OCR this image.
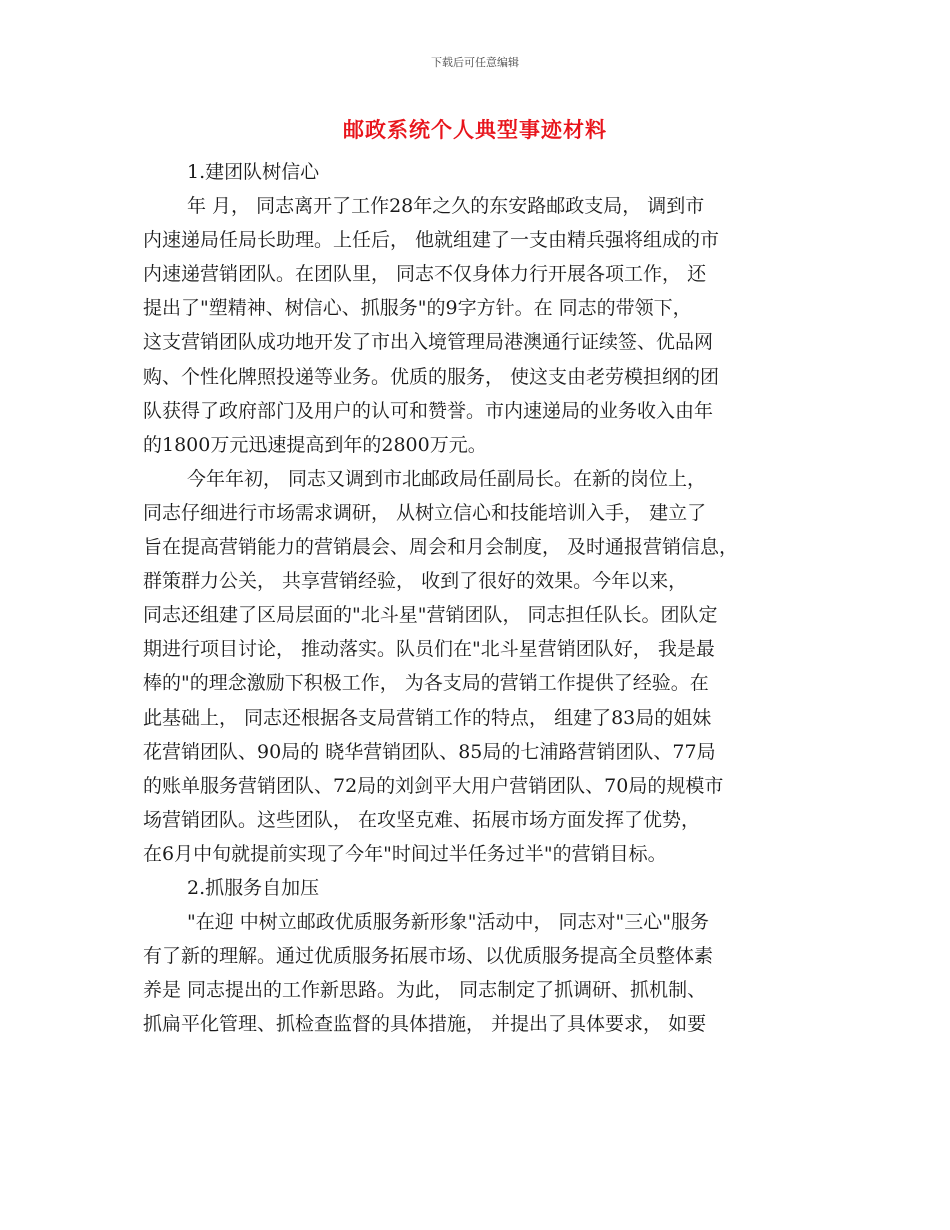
下载后可任意编辑
邮政系统个人典型事迹材料
1.建团队树信心
年 月， 同志离开了工作28年之久的东安路邮政支局， 调到市
内速递局任局长助理。上任后， 他就组建了一支由精兵强将组成的市
内速递营销团队。在团队里， 同志不仅身体力行开展各项工作， 还
提出了"塑精神、树信心、抓服务"的9字方针。在 同志的带领下，
这支营销团队成功地开发了市出入境管理局港澳通行证续签、优品网
购、个性化牌照投递等业务。优质的服务， 使这支由老劳模担纲的团
队获得了政府部门及用户的认可和赞誉。市内速递局的业务收入由年
的1800万元迅速提高到年的2800万元。
今年年初， 同志又调到市北邮政局任副局长。在新的岗位上，
同志仔细进行市场需求调研， 从树立信心和技能培训入手， 建立了
旨在提高营销能力的营销晨会、周会和月会制度， 及时通报营销信息，
群策群力公关， 共享营销经验， 收到了很好的效果。今年以来，
同志还组建了区局层面的"北斗星"营销团队， 同志担任队长。团队定
期进行项目讨论， 推动落实。队员们在"北斗星营销团队好， 我是最
棒的"的理念激励下积极工作， 为各支局的营销工作提供了经验。在
此基础上， 同志还根据各支局营销工作的特点， 组建了83局的姐妹
花营销团队、90局的 晓华营销团队、85局的七浦路营销团队、77局
的账单服务营销团队、72局的刘剑平大用户营销团队、70局的规模市
场营销团队。这些团队， 在攻坚克难、拓展市场方面发挥了优势，
在6月中旬就提前实现了今年"时间过半任务过半"的营销目标。
2.抓服务自加压
"在迎 中树立邮政优质服务新形象"活动中， 同志对"三心"服务
有了新的理解。通过优质服务拓展市场、以优质服务提高全员整体素
养是 同志提出的工作新思路。为此， 同志制定了抓调研、抓机制、
抓扁平化管理、抓检查监督的具体措施， 并提出了具体要求， 如要
